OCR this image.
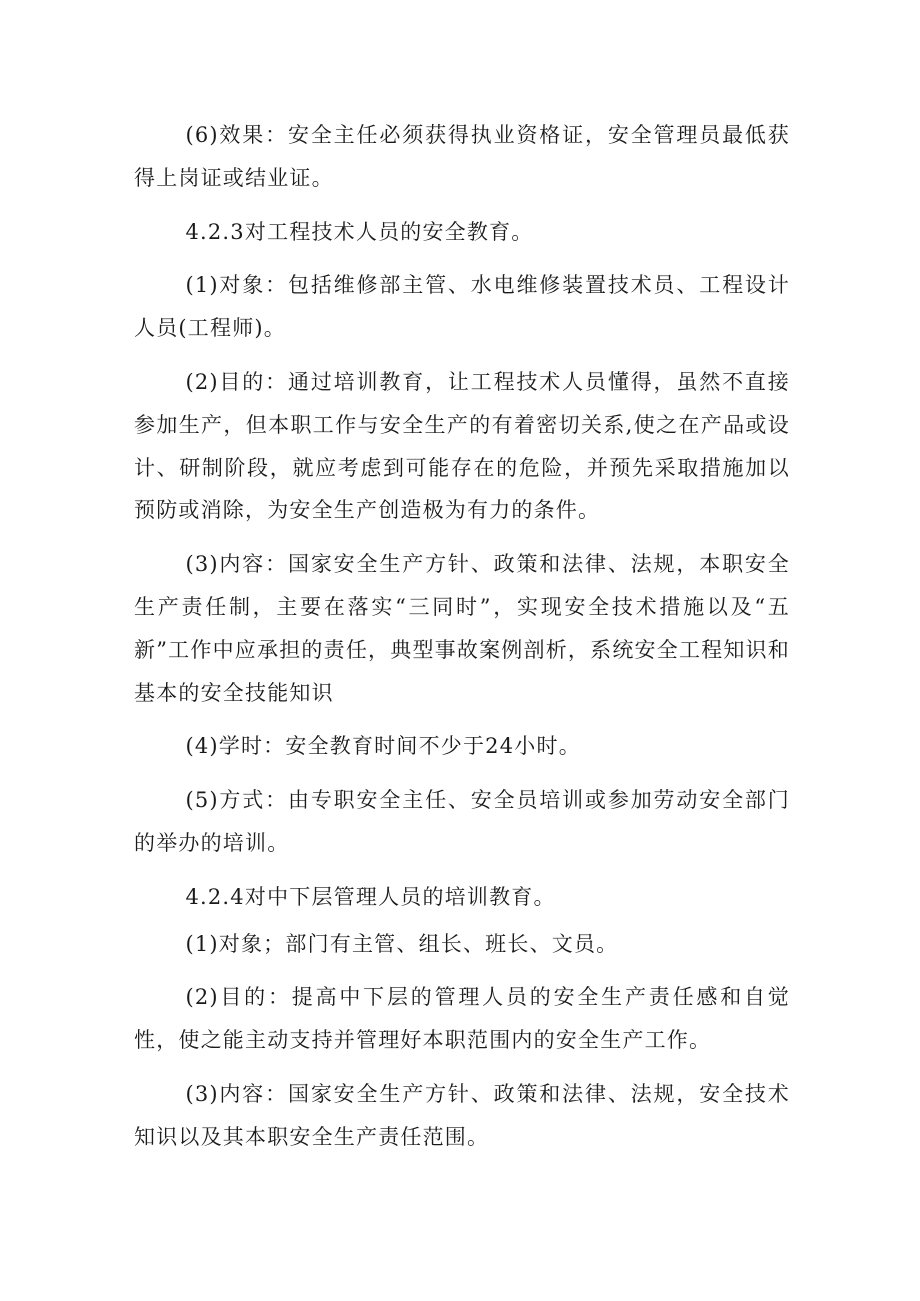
(6)效果：安全主任必须获得执业资格证，安全管理员最低获得上岗证或结业证。

4.2.3对工程技术人员的安全教育。

(1)对象：包括维修部主管、水电维修装置技术员、工程设计人员(工程师)。

(2)目的：通过培训教育，让工程技术人员懂得，虽然不直接参加生产，但本职工作与安全生产的有着密切关系,使之在产品或设计、研制阶段，就应考虑到可能存在的危险，并预先采取措施加以预防或消除，为安全生产创造极为有力的条件。

(3)内容：国家安全生产方针、政策和法律、法规，本职安全生产责任制，主要在落实“三同时”，实现安全技术措施以及“五新”工作中应承担的责任，典型事故案例剖析，系统安全工程知识和基本的安全技能知识

(4)学时：安全教育时间不少于24小时。

(5)方式：由专职安全主任、安全员培训或参加劳动安全部门的举办的培训。

4.2.4对中下层管理人员的培训教育。

(1)对象；部门有主管、组长、班长、文员。

(2)目的：提高中下层的管理人员的安全生产责任感和自觉性，使之能主动支持并管理好本职范围内的安全生产工作。

(3)内容：国家安全生产方针、政策和法律、法规，安全技术知识以及其本职安全生产责任范围。
